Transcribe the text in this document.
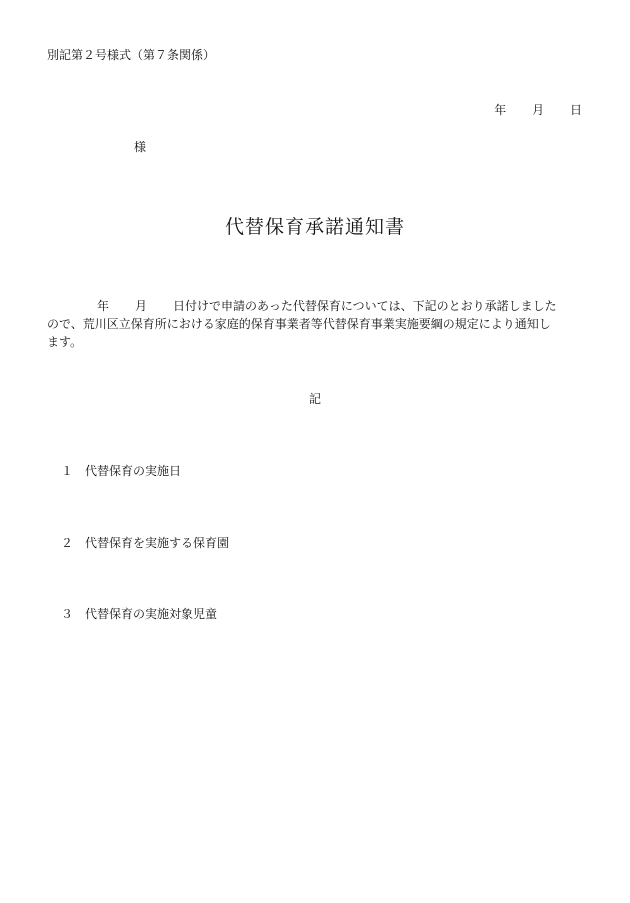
別記第２号様式（第７条関係）
年 月 日
様
代替保育承諾通知書
年 月 日付けで申請のあった代替保育については、下記のとおり承諾しました
ので、荒川区立保育所における家庭的保育事業者等代替保育事業実施要綱の規定により通知し
ます。
記
１ 代替保育の実施日
２ 代替保育を実施する保育園
３ 代替保育の実施対象児童
